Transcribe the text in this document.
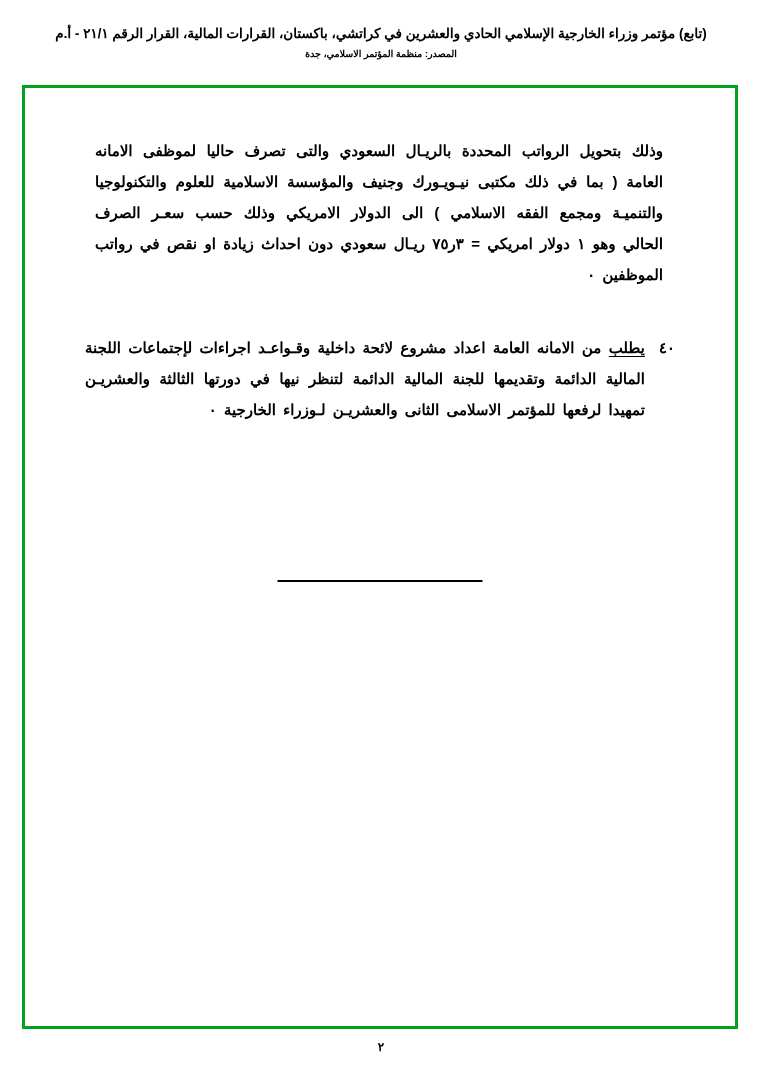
(تابع) مؤتمر وزراء الخارجية الإسلامي الحادي والعشرين في كراتشي، باكستان، القرارات المالية، القرار الرقم ٢١/١ - أ.م
المصدر: منظمة المؤتمر الاسلامي، جدة

وذلك بتحويل الرواتب المحددة بالريـال السعودي والتى تصرف حاليا لموظفى الامانه العامة ( بما في ذلك مكتبى نيـويـورك وجنيف والمؤسسة الاسلامية للعلوم والتكنولوجيا والتنميـة ومجمع الفقه الاسلامي ) الى الدولار الامريكي وذلك حسب سعـر الصرف الحالي وهو ١ دولار امريكي = ٣ر٧٥ ريـال سعودي دون احداث زيادة او نقص في رواتب الموظفين ٠

٤٠
يطلب من الامانه العامة اعداد مشروع لائحة داخلية وقـواعـد اجراءات لإجتماعات اللجنة المالية الدائمة وتقديمها للجنة المالية الدائمة لتنظر نيها في دورتها الثالثة والعشريـن تمهيدا لرفعها للمؤتمر الاسلامى الثانى والعشريـن لـوزراء الخارجية ٠
٢
